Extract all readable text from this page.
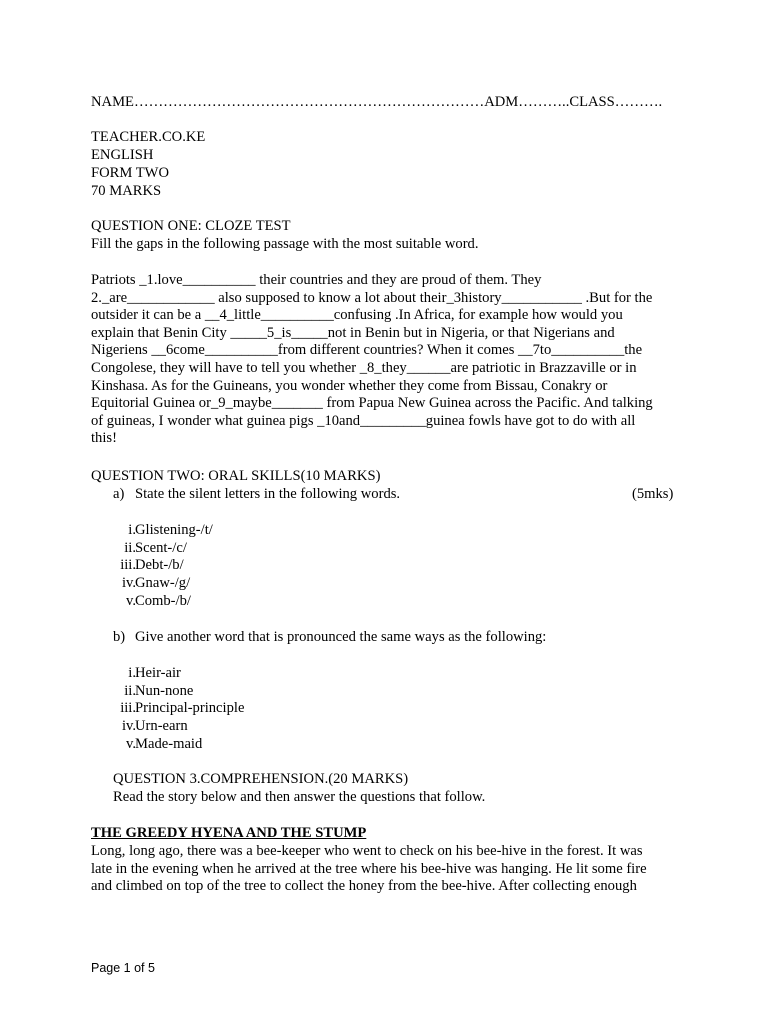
NAME………………………………………………………………ADM………..CLASS……….
TEACHER.CO.KE
ENGLISH
FORM TWO
70 MARKS
QUESTION ONE: CLOZE TEST
Fill the gaps in the following passage with the most suitable word.
Patriots _1.love__________ their countries and they are proud of them. They
2._are____________ also supposed to know a lot about their_3history___________ .But for the
outsider it can be a __4_little__________confusing .In Africa, for example how would you
explain that Benin City _____5_is_____not in Benin but in Nigeria, or that Nigerians and
Nigeriens __6come__________from different countries? When it comes __7to__________the
Congolese, they will have to tell you whether _8_they______are patriotic in Brazzaville or in
Kinshasa. As for the Guineans, you wonder whether they come from Bissau, Conakry or
Equitorial Guinea or_9_maybe_______ from Papua New Guinea across the Pacific. And talking
of guineas, I wonder what guinea pigs _10and_________guinea fowls have got to do with all
this!
QUESTION TWO: ORAL SKILLS(10 MARKS)
a) State the silent letters in the following words.	(5mks)
i. Glistening-/t/
ii. Scent-/c/
iii. Debt-/b/
iv. Gnaw-/g/
v. Comb-/b/
b) Give another word that is pronounced the same ways as the following:
i. Heir-air
ii. Nun-none
iii. Principal-principle
iv. Urn-earn
v. Made-maid
QUESTION 3.COMPREHENSION.(20 MARKS)
Read the story below and then answer the questions that follow.
THE GREEDY HYENA AND THE STUMP
Long, long ago, there was a bee-keeper who went to check on his bee-hive in the forest. It was
late in the evening when he arrived at the tree where his bee-hive was hanging. He lit some fire
and climbed on top of the tree to collect the honey from the bee-hive. After collecting enough
Page 1 of 5
